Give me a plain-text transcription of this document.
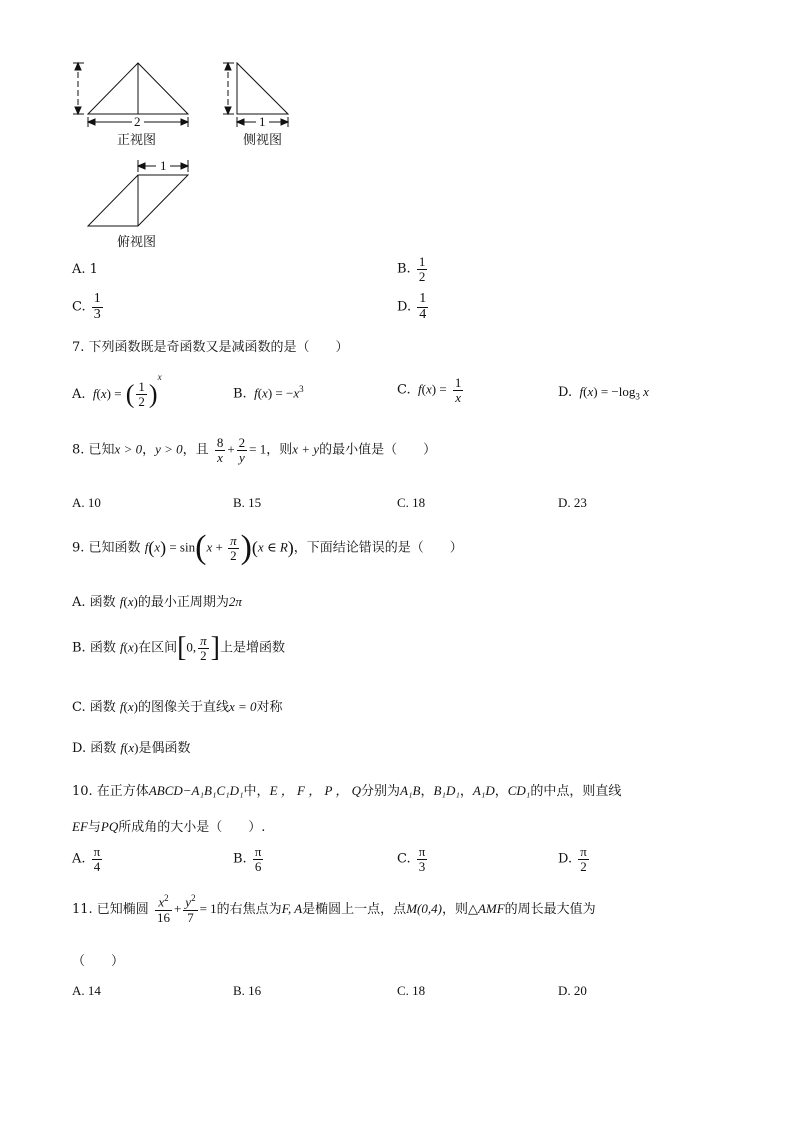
2
正视图
1
侧视图
1
俯视图
A. 1	B. $\frac{1}{2}$
C. $\frac{1}{3}$	D. $\frac{1}{4}$
7. 下列函数既是奇函数又是减函数的是（　　）
A.  f(x) = ( $\frac{1}{2} )^x$
B.  $f(x) = -x^3$	C.  $f(x) = \frac{1}{x}$	D.  $f(x) = -\log_3$ x
8. 已知x > 0，y > 0，且 $\frac{8}{x} + \frac{2}{y} = 1$，则x + y的最小值是（　　）
A. 10	B. 15	C. 18	D. 23
9. 已知函数 $f(x) = \sin(x + \frac{\pi}{2} )(x$ ∈ R)，下面结论错误的是（　　）
A. 函数 f(x)的最小正周期为2π
B. 函数 f(x)在区间[0, $\frac{\pi}{2}$ ]上是增函数
C. 函数 f(x)的图像关于直线x = 0对称
D. 函数 f(x)是偶函数
10. 在正方体ABCD−A₁B₁C₁D₁中，E ， F ， P ， Q分别为A₁B，B₁D₁，A₁D，CD₁的中点，则直线
EF与PQ所成角的大小是（　　）.
A. $\frac{\pi}{4}$	B. $\frac{\pi}{6}$	C. $\frac{\pi}{3}$	D. $\frac{\pi}{2}$
11. 已知椭圆 $\frac{x^2}{16} + \frac{y^2}{7} = 1$的右焦点为F, A是椭圆上一点，点M(0,4)，则△AMF的周长最大值为
（　　）
A. 14	B. 16	C. 18	D. 20
